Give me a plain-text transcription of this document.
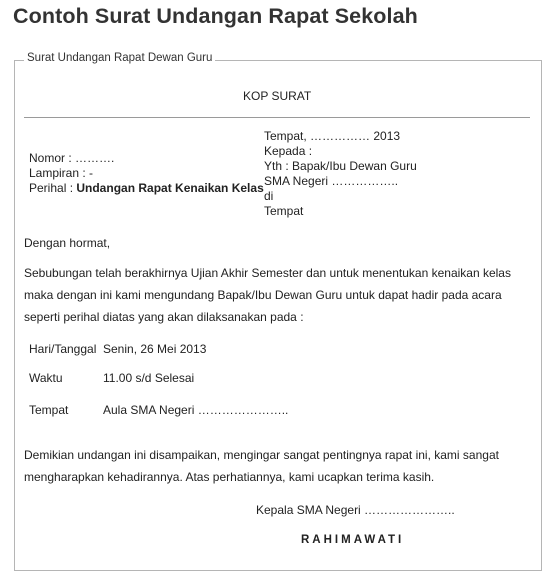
Contoh Surat Undangan Rapat Sekolah
Surat Undangan Rapat Dewan Guru
KOP SURAT
Nomor : ……….
Lampiran : -
Perihal : Undangan Rapat Kenaikan Kelas
Tempat, …………… 2013
Kepada :
Yth : Bapak/Ibu Dewan Guru
SMA Negeri ……………..
di
Tempat
Dengan hormat,
Sebubungan telah berakhirnya Ujian Akhir Semester dan untuk menentukan kenaikan kelas
maka dengan ini kami mengundang Bapak/Ibu Dewan Guru untuk dapat hadir pada acara
seperti perihal diatas yang akan dilaksanakan pada :
Hari/Tanggal Senin, 26 Mei 2013
Waktu	11.00 s/d Selesai
Tempat	Aula SMA Negeri …………………..
Demikian undangan ini disampaikan, mengingar sangat pentingnya rapat ini, kami sangat
mengharapkan kehadirannya. Atas perhatiannya, kami ucapkan terima kasih.
Kepala SMA Negeri …………………..
RAHIMAWATI
